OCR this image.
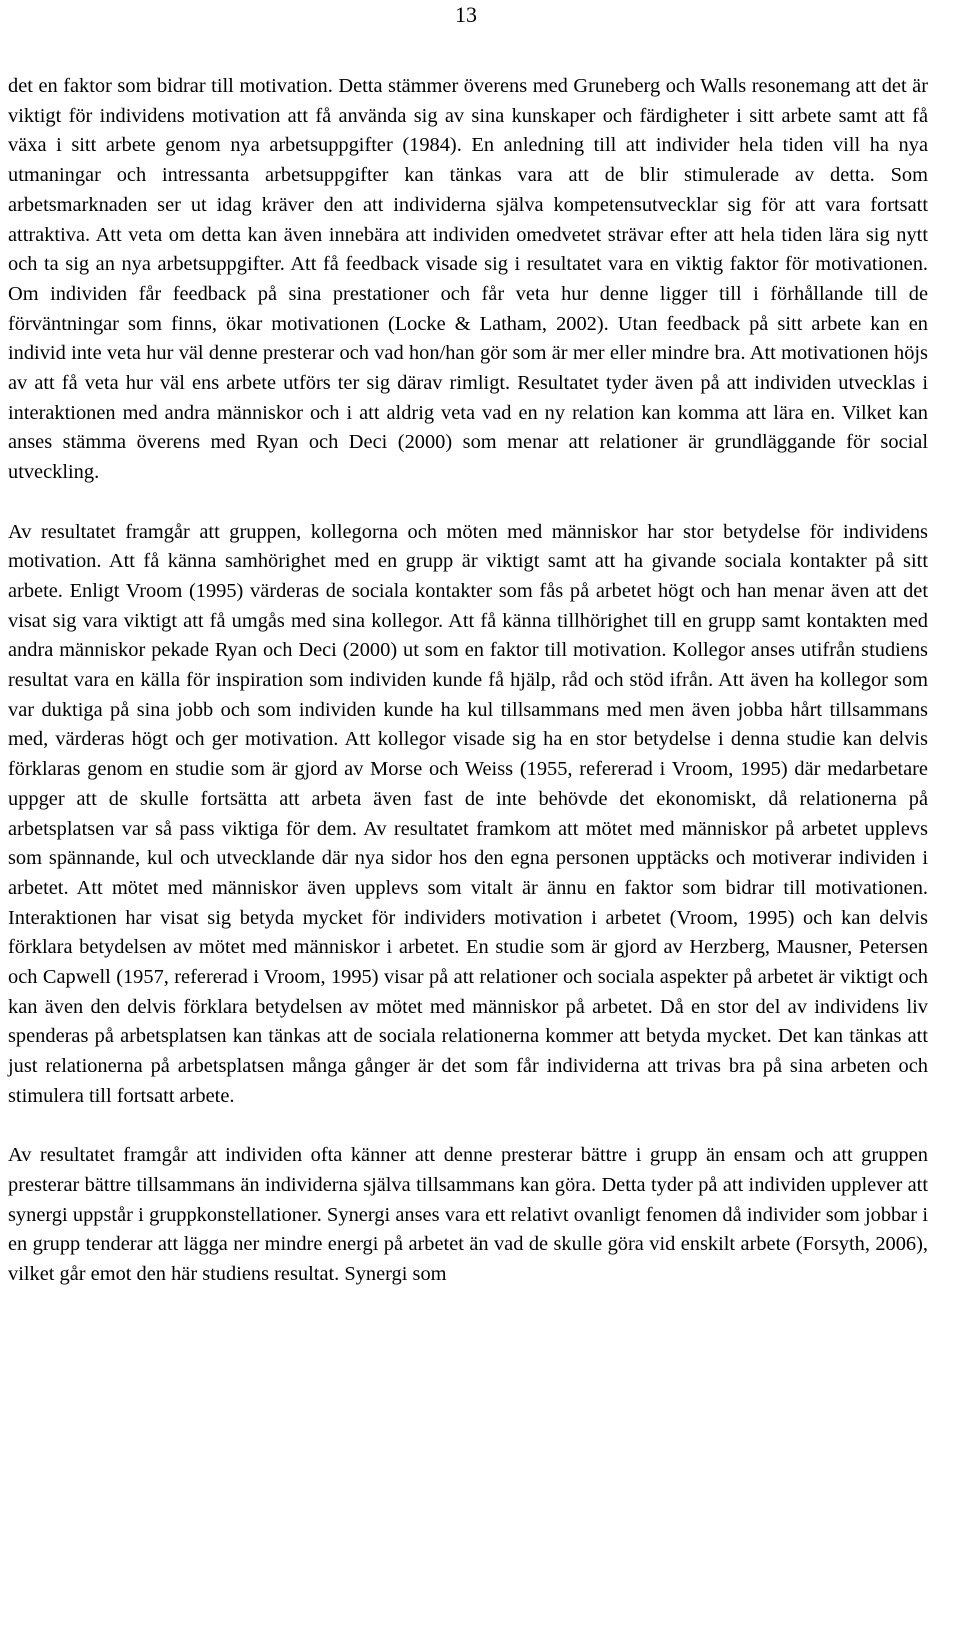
13

det en faktor som bidrar till motivation. Detta stämmer överens med Gruneberg och Walls resonemang att det är viktigt för individens motivation att få använda sig av sina kunskaper och färdigheter i sitt arbete samt att få växa i sitt arbete genom nya arbetsuppgifter (1984). En anledning till att individer hela tiden vill ha nya utmaningar och intressanta arbetsuppgifter kan tänkas vara att de blir stimulerade av detta. Som arbetsmarknaden ser ut idag kräver den att individerna själva kompetensutvecklar sig för att vara fortsatt attraktiva. Att veta om detta kan även innebära att individen omedvetet strävar efter att hela tiden lära sig nytt och ta sig an nya arbetsuppgifter. Att få feedback visade sig i resultatet vara en viktig faktor för motivationen. Om individen får feedback på sina prestationer och får veta hur denne ligger till i förhållande till de förväntningar som finns, ökar motivationen (Locke & Latham, 2002). Utan feedback på sitt arbete kan en individ inte veta hur väl denne presterar och vad hon/han gör som är mer eller mindre bra. Att motivationen höjs av att få veta hur väl ens arbete utförs ter sig därav rimligt. Resultatet tyder även på att individen utvecklas i interaktionen med andra människor och i att aldrig veta vad en ny relation kan komma att lära en. Vilket kan anses stämma överens med Ryan och Deci (2000) som menar att relationer är grundläggande för social utveckling.

Av resultatet framgår att gruppen, kollegorna och möten med människor har stor betydelse för individens motivation. Att få känna samhörighet med en grupp är viktigt samt att ha givande sociala kontakter på sitt arbete. Enligt Vroom (1995) värderas de sociala kontakter som fås på arbetet högt och han menar även att det visat sig vara viktigt att få umgås med sina kollegor. Att få känna tillhörighet till en grupp samt kontakten med andra människor pekade Ryan och Deci (2000) ut som en faktor till motivation. Kollegor anses utifrån studiens resultat vara en källa för inspiration som individen kunde få hjälp, råd och stöd ifrån. Att även ha kollegor som var duktiga på sina jobb och som individen kunde ha kul tillsammans med men även jobba hårt tillsammans med, värderas högt och ger motivation. Att kollegor visade sig ha en stor betydelse i denna studie kan delvis förklaras genom en studie som är gjord av Morse och Weiss (1955, refererad i Vroom, 1995) där medarbetare uppger att de skulle fortsätta att arbeta även fast de inte behövde det ekonomiskt, då relationerna på arbetsplatsen var så pass viktiga för dem. Av resultatet framkom att mötet med människor på arbetet upplevs som spännande, kul och utvecklande där nya sidor hos den egna personen upptäcks och motiverar individen i arbetet. Att mötet med människor även upplevs som vitalt är ännu en faktor som bidrar till motivationen. Interaktionen har visat sig betyda mycket för individers motivation i arbetet (Vroom, 1995) och kan delvis förklara betydelsen av mötet med människor i arbetet. En studie som är gjord av Herzberg, Mausner, Petersen och Capwell (1957, refererad i Vroom, 1995) visar på att relationer och sociala aspekter på arbetet är viktigt och kan även den delvis förklara betydelsen av mötet med människor på arbetet. Då en stor del av individens liv spenderas på arbetsplatsen kan tänkas att de sociala relationerna kommer att betyda mycket. Det kan tänkas att just relationerna på arbetsplatsen många gånger är det som får individerna att trivas bra på sina arbeten och stimulera till fortsatt arbete.

Av resultatet framgår att individen ofta känner att denne presterar bättre i grupp än ensam och att gruppen presterar bättre tillsammans än individerna själva tillsammans kan göra. Detta tyder på att individen upplever att synergi uppstår i gruppkonstellationer. Synergi anses vara ett relativt ovanligt fenomen då individer som jobbar i en grupp tenderar att lägga ner mindre energi på arbetet än vad de skulle göra vid enskilt arbete (Forsyth, 2006), vilket går emot den här studiens resultat. Synergi som
